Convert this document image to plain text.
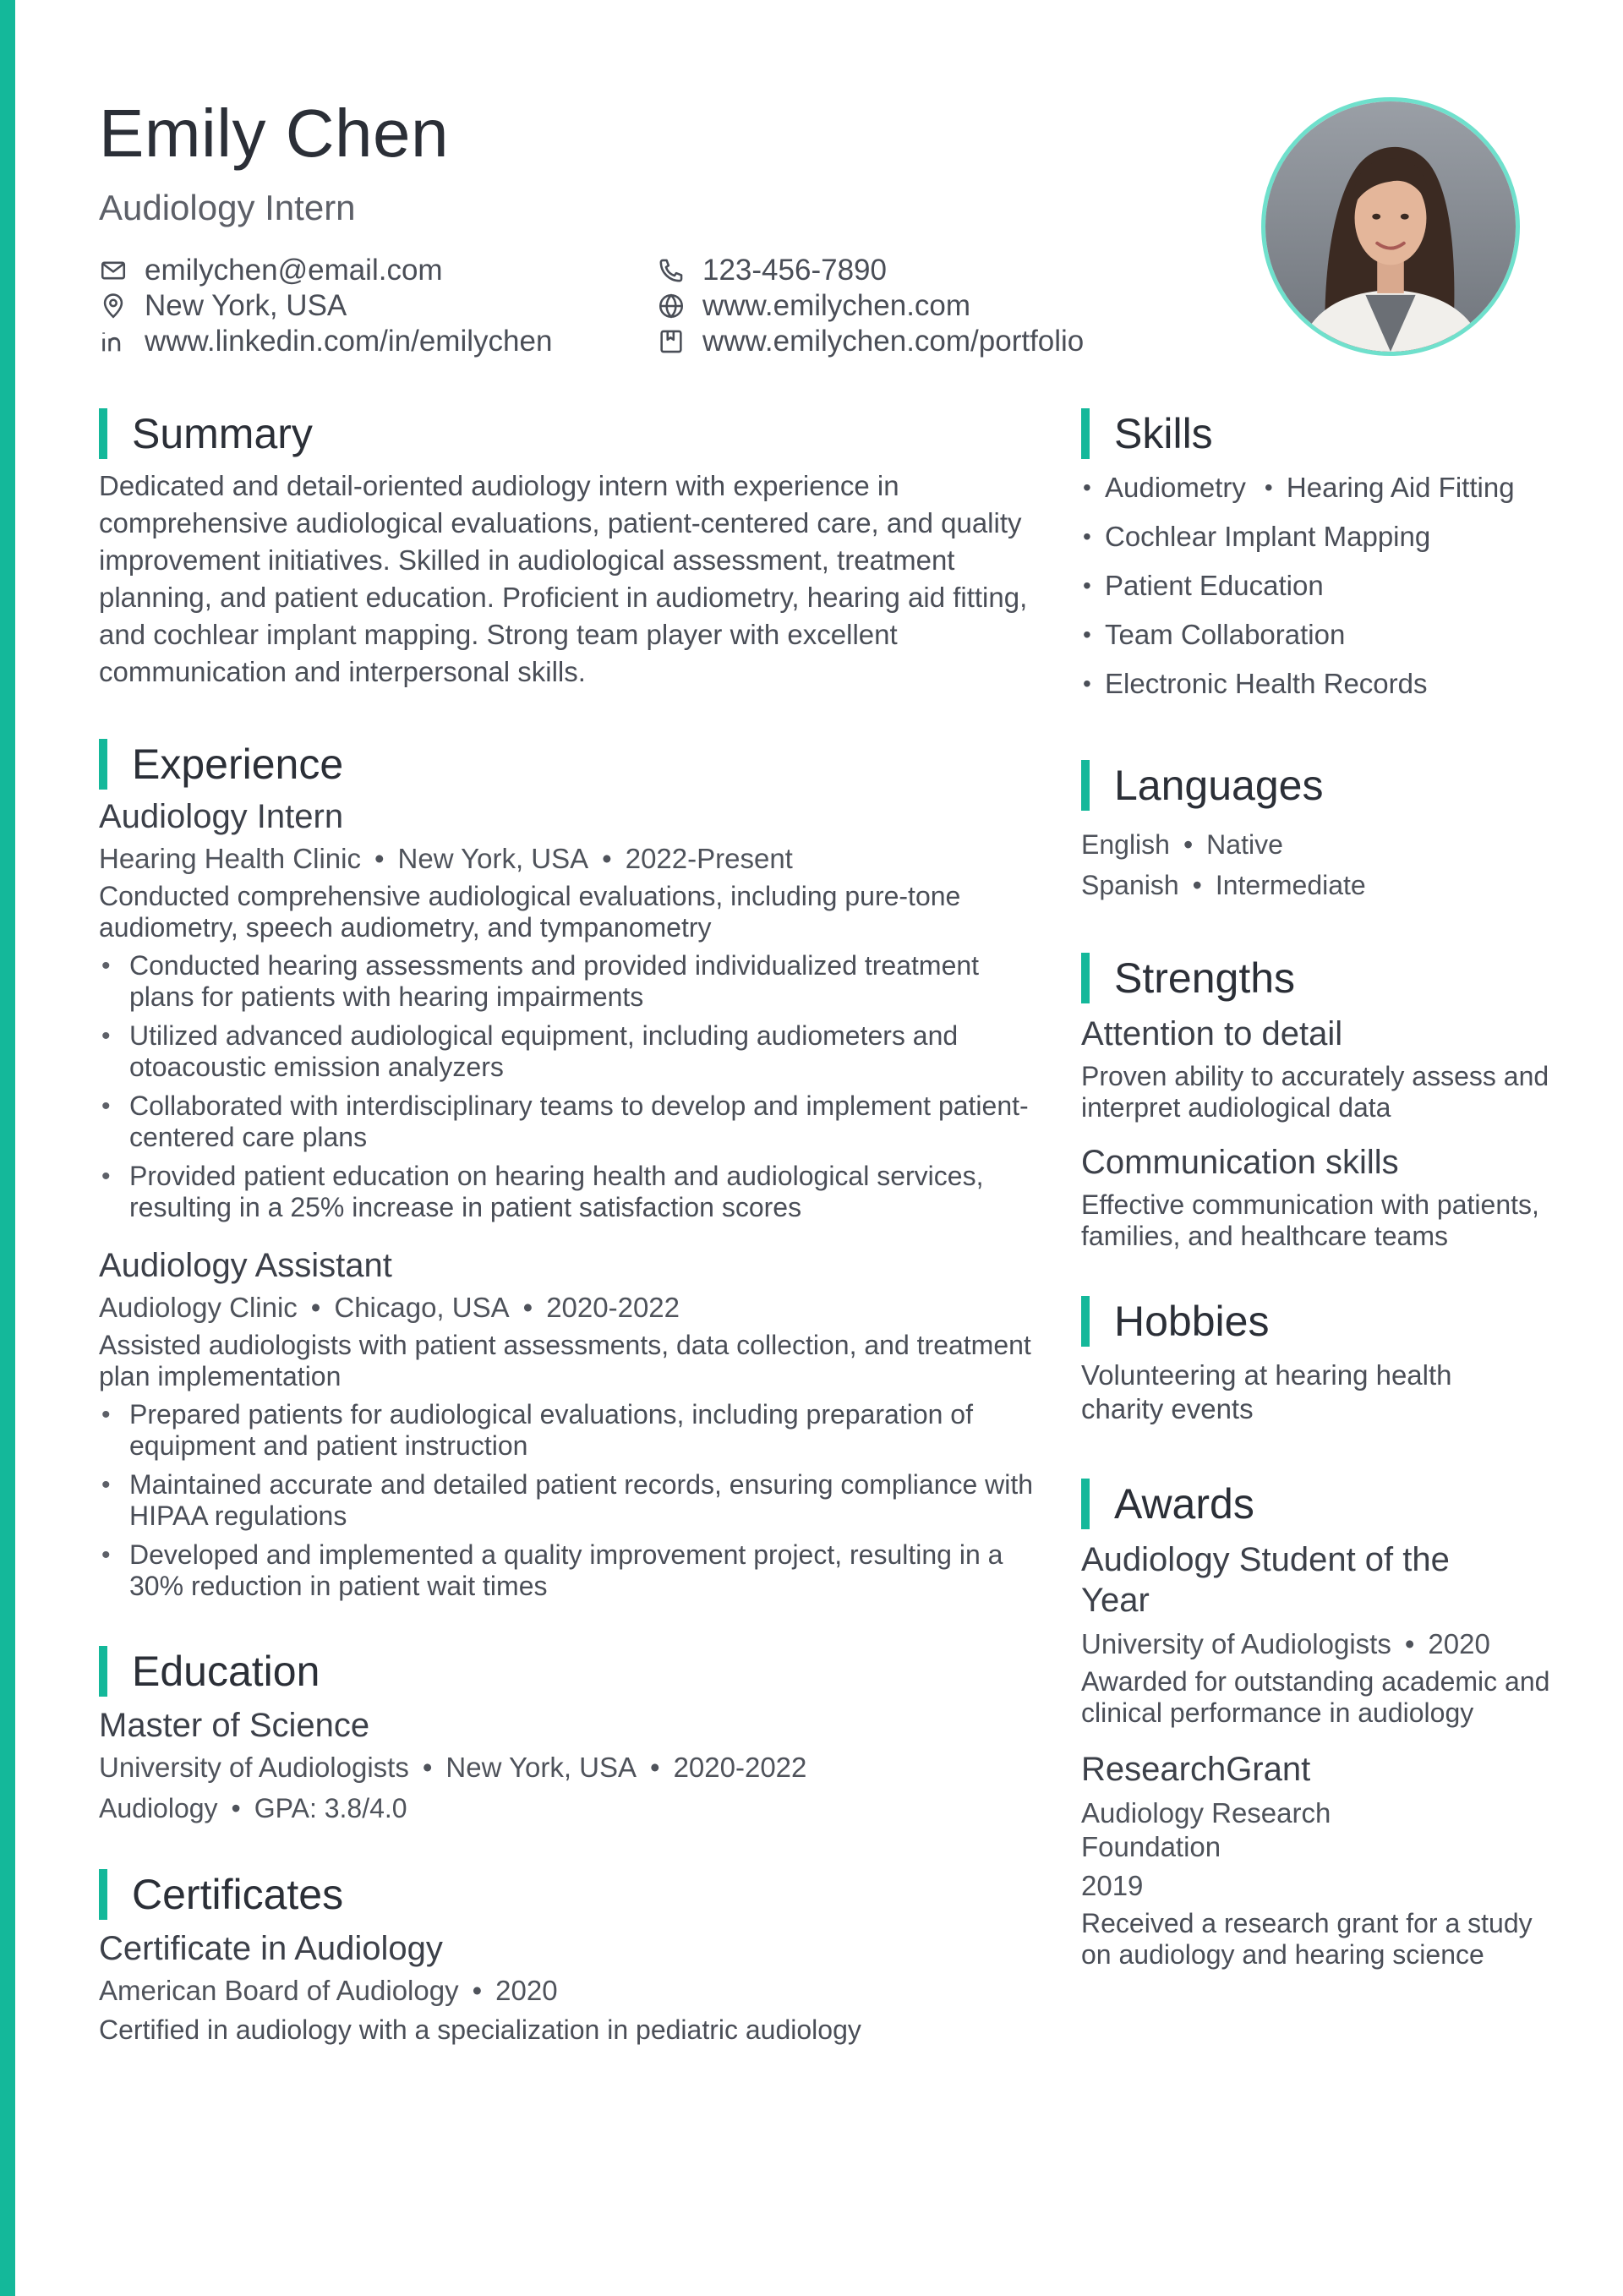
Emily Chen
Audiology Intern
emilychen@email.com	123-456-7890
New York, USA	www.emilychen.com
www.linkedin.com/in/emilychen	www.emilychen.com/portfolio
Summary

Dedicated and detail-oriented audiology intern with experience in comprehensive audiological evaluations, patient-centered care, and quality improvement initiatives. Skilled in audiological assessment, treatment planning, and patient education. Proficient in audiometry, hearing aid fitting, and cochlear implant mapping. Strong team player with excellent communication and interpersonal skills.

Experience
Audiology Intern
Hearing Health Clinic • New York, USA • 2022-Present

Conducted comprehensive audiological evaluations, including pure-tone audiometry, speech audiometry, and tympanometry

• Conducted hearing assessments and provided individualized treatment plans for patients with hearing impairments
• Utilized advanced audiological equipment, including audiometers and otoacoustic emission analyzers
• Collaborated with interdisciplinary teams to develop and implement patient-centered care plans
• Provided patient education on hearing health and audiological services, resulting in a 25% increase in patient satisfaction scores
Audiology Assistant
Audiology Clinic • Chicago, USA • 2020-2022

Assisted audiologists with patient assessments, data collection, and treatment plan implementation

• Prepared patients for audiological evaluations, including preparation of equipment and patient instruction
• Maintained accurate and detailed patient records, ensuring compliance with HIPAA regulations
• Developed and implemented a quality improvement project, resulting in a 30% reduction in patient wait times
Education
Master of Science
University of Audiologists • New York, USA • 2020-2022
Audiology • GPA: 3.8/4.0
Certificates
Certificate in Audiology
American Board of Audiology • 2020

Certified in audiology with a specialization in pediatric audiology

Skills
• Audiometry
•	Hearing Aid Fitting
• Cochlear Implant Mapping
• Patient Education
• Team Collaboration
• Electronic Health Records
Languages
English • Native
Spanish • Intermediate
Strengths
Attention to detail

Proven ability to accurately assess and interpret audiological data

Communication skills

Effective communication with patients, families, and healthcare teams

Hobbies

Volunteering at hearing health charity events

Awards
Audiology Student of the Year
University of Audiologists • 2020

Awarded for outstanding academic and clinical performance in audiology

ResearchGrant
Audiology Research Foundation
2019

Received a research grant for a study on audiology and hearing science
